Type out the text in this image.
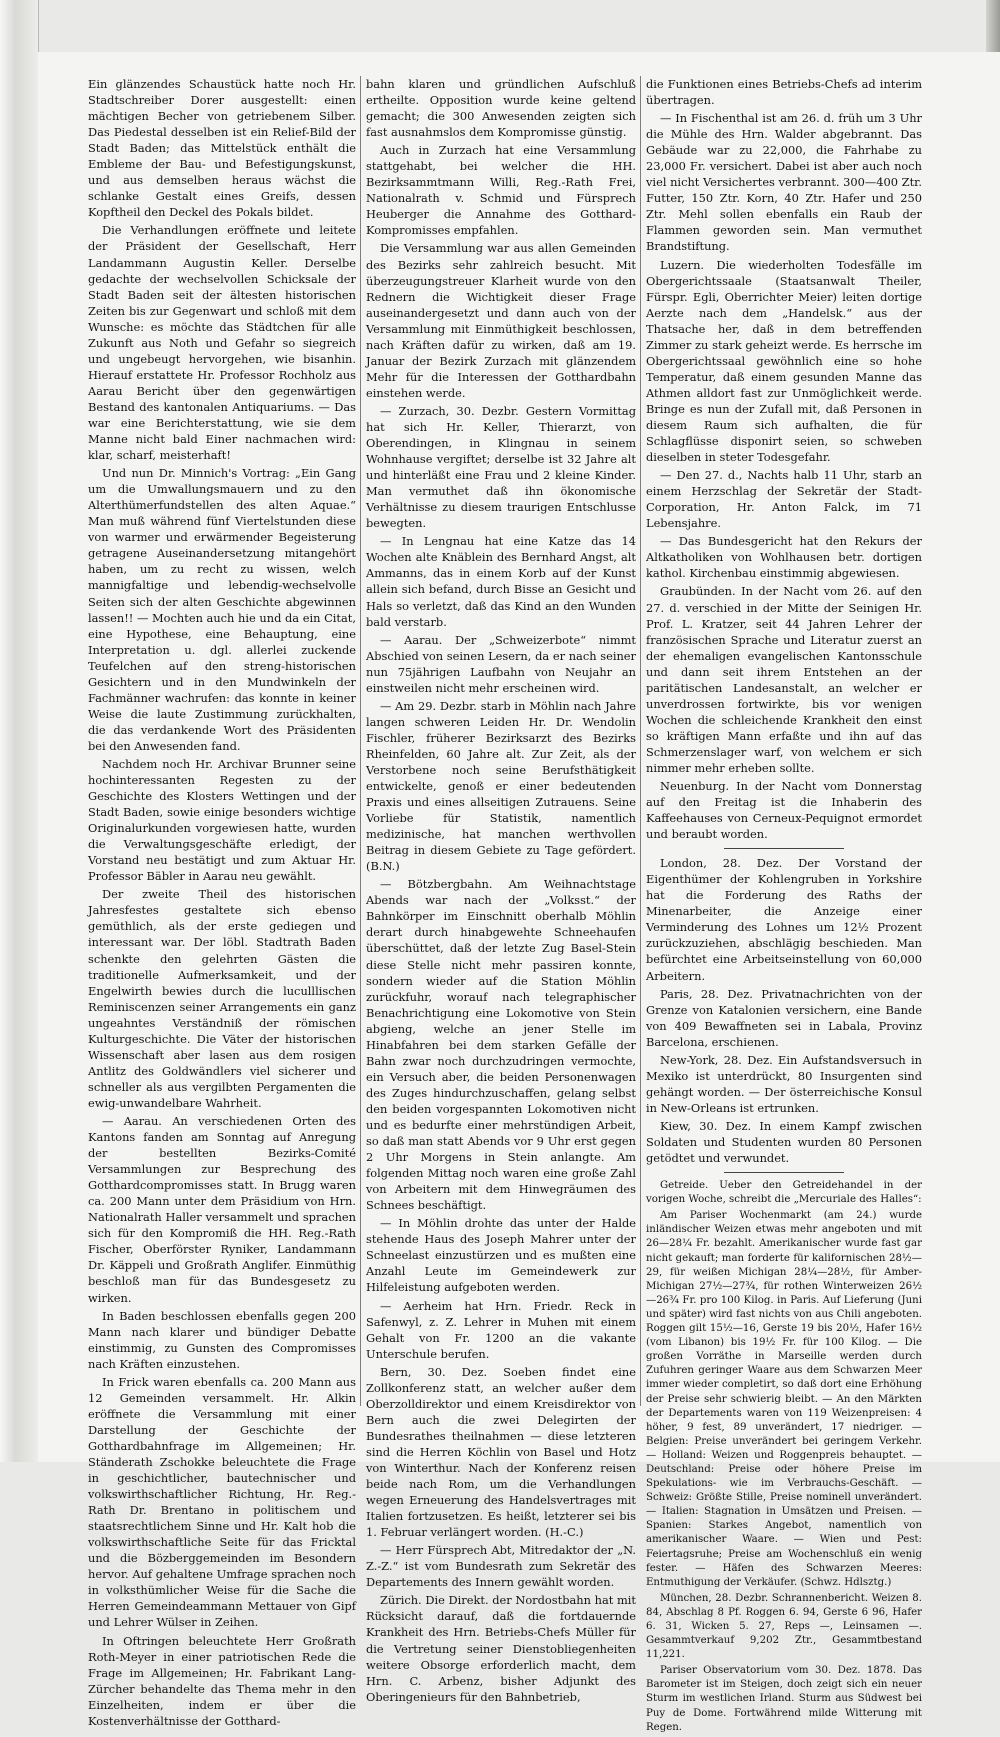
Ein glänzendes Schaustück hatte noch Hr. Stadtschreiber Dorer ausgestellt: einen mächtigen Becher von getriebenem Silber. Das Piedestal desselben ist ein Relief-Bild der Stadt Baden; das Mittelstück enthält die Embleme der Bau- und Befestigungskunst, und aus demselben heraus wächst die schlanke Gestalt eines Greifs, dessen Kopftheil den Deckel des Pokals bildet.

Die Verhandlungen eröffnete und leitete der Präsident der Gesellschaft, Herr Landammann Augustin Keller. Derselbe gedachte der wechselvollen Schicksale der Stadt Baden seit der ältesten historischen Zeiten bis zur Gegenwart und schloß mit dem Wunsche: es möchte das Städtchen für alle Zukunft aus Noth und Gefahr so siegreich und ungebeugt hervorgehen, wie bisanhin. Hierauf erstattete Hr. Professor Rochholz aus Aarau Bericht über den gegenwärtigen Bestand des kantonalen Antiquariums. — Das war eine Berichterstattung, wie sie dem Manne nicht bald Einer nachmachen wird: klar, scharf, meisterhaft!

Und nun Dr. Minnich's Vortrag: „Ein Gang um die Umwallungsmauern und zu den Alterthümerfundstellen des alten Aquae.“ Man muß während fünf Viertelstunden diese von warmer und erwärmender Begeisterung getragene Auseinandersetzung mitangehört haben, um zu recht zu wissen, welch mannigfaltige und lebendig-wechselvolle Seiten sich der alten Geschichte abgewinnen lassen!! — Mochten auch hie und da ein Citat, eine Hypothese, eine Behauptung, eine Interpretation u. dgl. allerlei zuckende Teufelchen auf den streng-historischen Gesichtern und in den Mundwinkeln der Fachmänner wachrufen: das konnte in keiner Weise die laute Zustimmung zurückhalten, die das verdankende Wort des Präsidenten bei den Anwesenden fand.

Nachdem noch Hr. Archivar Brunner seine hochinteressanten Regesten zu der Geschichte des Klosters Wettingen und der Stadt Baden, sowie einige besonders wichtige Originalurkunden vorgewiesen hatte, wurden die Verwaltungsgeschäfte erledigt, der Vorstand neu bestätigt und zum Aktuar Hr. Professor Bäbler in Aarau neu gewählt.

Der zweite Theil des historischen Jahresfestes gestaltete sich ebenso gemüthlich, als der erste gediegen und interessant war. Der löbl. Stadtrath Baden schenkte den gelehrten Gästen die traditionelle Aufmerksamkeit, und der Engelwirth bewies durch die luculllischen Reminiscenzen seiner Arrangements ein ganz ungeahntes Verständniß der römischen Kulturgeschichte. Die Väter der historischen Wissenschaft aber lasen aus dem rosigen Antlitz des Goldwändlers viel sicherer und schneller als aus vergilbten Pergamenten die ewig-unwandelbare Wahrheit.

— Aarau. An verschiedenen Orten des Kantons fanden am Sonntag auf Anregung der bestellten Bezirks-Comité Versammlungen zur Besprechung des Gotthardcompromisses statt. In Brugg waren ca. 200 Mann unter dem Präsidium von Hrn. Nationalrath Haller versammelt und sprachen sich für den Kompromiß die HH. Reg.-Rath Fischer, Oberförster Ryniker, Landammann Dr. Käppeli und Großrath Anglifer. Einmüthig beschloß man für das Bundesgesetz zu wirken.

In Baden beschlossen ebenfalls gegen 200 Mann nach klarer und bündiger Debatte einstimmig, zu Gunsten des Compromisses nach Kräften einzustehen.

In Frick waren ebenfalls ca. 200 Mann aus 12 Gemeinden versammelt. Hr. Alkin eröffnete die Versammlung mit einer Darstellung der Geschichte der Gotthardbahnfrage im Allgemeinen; Hr. Ständerath Zschokke beleuchtete die Frage in geschichtlicher, bautechnischer und volkswirthschaftlicher Richtung, Hr. Reg.-Rath Dr. Brentano in politischem und staatsrechtlichem Sinne und Hr. Kalt hob die volkswirthschaftliche Seite für das Fricktal und die Bözberggemeinden im Besondern hervor. Auf gehaltene Umfrage sprachen noch in volksthümlicher Weise für die Sache die Herren Gemeindeammann Mettauer von Gipf und Lehrer Wülser in Zeihen.

In Oftringen beleuchtete Herr Großrath Roth-Meyer in einer patriotischen Rede die Frage im Allgemeinen; Hr. Fabrikant Lang-Zürcher behandelte das Thema mehr in den Einzelheiten, indem er über die Kostenverhältnisse der Gotthard-

bahn klaren und gründlichen Aufschluß ertheilte. Opposition wurde keine geltend gemacht; die 300 Anwesenden zeigten sich fast ausnahmslos dem Kompromisse günstig.

Auch in Zurzach hat eine Versammlung stattgehabt, bei welcher die HH. Bezirksammtmann Willi, Reg.-Rath Frei, Nationalrath v. Schmid und Fürsprech Heuberger die Annahme des Gotthard-Kompromisses empfahlen.

Die Versammlung war aus allen Gemeinden des Bezirks sehr zahlreich besucht. Mit überzeugungstreuer Klarheit wurde von den Rednern die Wichtigkeit dieser Frage auseinandergesetzt und dann auch von der Versammlung mit Einmüthigkeit beschlossen, nach Kräften dafür zu wirken, daß am 19. Januar der Bezirk Zurzach mit glänzendem Mehr für die Interessen der Gotthardbahn einstehen werde.

— Zurzach, 30. Dezbr. Gestern Vormittag hat sich Hr. Keller, Thierarzt, von Oberendingen, in Klingnau in seinem Wohnhause vergiftet; derselbe ist 32 Jahre alt und hinterläßt eine Frau und 2 kleine Kinder. Man vermuthet daß ihn ökonomische Verhältnisse zu diesem traurigen Entschlusse bewegten.

— In Lengnau hat eine Katze das 14 Wochen alte Knäblein des Bernhard Angst, alt Ammanns, das in einem Korb auf der Kunst allein sich befand, durch Bisse an Gesicht und Hals so verletzt, daß das Kind an den Wunden bald verstarb.

— Aarau. Der „Schweizerbote“ nimmt Abschied von seinen Lesern, da er nach seiner nun 75jährigen Laufbahn von Neujahr an einstweilen nicht mehr erscheinen wird.

— Am 29. Dezbr. starb in Möhlin nach Jahre langen schweren Leiden Hr. Dr. Wendolin Fischler, früherer Bezirksarzt des Bezirks Rheinfelden, 60 Jahre alt. Zur Zeit, als der Verstorbene noch seine Berufsthätigkeit entwickelte, genoß er einer bedeutenden Praxis und eines allseitigen Zutrauens. Seine Vorliebe für Statistik, namentlich medizinische, hat manchen werthvollen Beitrag in diesem Gebiete zu Tage gefördert. (B.N.)

— Bötzbergbahn. Am Weihnachtstage Abends war nach der „Volksst.“ der Bahnkörper im Einschnitt oberhalb Möhlin derart durch hinabgewehte Schneehaufen überschüttet, daß der letzte Zug Basel-Stein diese Stelle nicht mehr passiren konnte, sondern wieder auf die Station Möhlin zurückfuhr, worauf nach telegraphischer Benachrichtigung eine Lokomotive von Stein abgieng, welche an jener Stelle im Hinabfahren bei dem starken Gefälle der Bahn zwar noch durchzudringen vermochte, ein Versuch aber, die beiden Personenwagen des Zuges hindurchzuschaffen, gelang selbst den beiden vorgespannten Lokomotiven nicht und es bedurfte einer mehrstündigen Arbeit, so daß man statt Abends vor 9 Uhr erst gegen 2 Uhr Morgens in Stein anlangte. Am folgenden Mittag noch waren eine große Zahl von Arbeitern mit dem Hinwegräumen des Schnees beschäftigt.

— In Möhlin drohte das unter der Halde stehende Haus des Joseph Mahrer unter der Schneelast einzustürzen und es mußten eine Anzahl Leute im Gemeindewerk zur Hilfeleistung aufgeboten werden.

— Aerheim hat Hrn. Friedr. Reck in Safenwyl, z. Z. Lehrer in Muhen mit einem Gehalt von Fr. 1200 an die vakante Unterschule berufen.

Bern, 30. Dez. Soeben findet eine Zollkonferenz statt, an welcher außer dem Oberzolldirektor und einem Kreisdirektor von Bern auch die zwei Delegirten der Bundesrathes theilnahmen — diese letzteren sind die Herren Köchlin von Basel und Hotz von Winterthur. Nach der Konferenz reisen beide nach Rom, um die Verhandlungen wegen Erneuerung des Handelsvertrages mit Italien fortzusetzen. Es heißt, letzterer sei bis 1. Februar verlängert worden. (H.-C.)

— Herr Fürsprech Abt, Mitredaktor der „N. Z.-Z.“ ist vom Bundesrath zum Sekretär des Departements des Innern gewählt worden.

Zürich. Die Direkt. der Nordostbahn hat mit Rücksicht darauf, daß die fortdauernde Krankheit des Hrn. Betriebs-Chefs Müller für die Vertretung seiner Dienstobliegenheiten weitere Obsorge erforderlich macht, dem Hrn. C. Arbenz, bisher Adjunkt des Oberingenieurs für den Bahnbetrieb,

die Funktionen eines Betriebs-Chefs ad interim übertragen.

— In Fischenthal ist am 26. d. früh um 3 Uhr die Mühle des Hrn. Walder abgebrannt. Das Gebäude war zu 22,000, die Fahrhabe zu 23,000 Fr. versichert. Dabei ist aber auch noch viel nicht Versichertes verbrannt. 300—400 Ztr. Futter, 150 Ztr. Korn, 40 Ztr. Hafer und 250 Ztr. Mehl sollen ebenfalls ein Raub der Flammen geworden sein. Man vermuthet Brandstiftung.

Luzern. Die wiederholten Todesfälle im Obergerichtssaale (Staatsanwalt Theiler, Fürspr. Egli, Oberrichter Meier) leiten dortige Aerzte nach dem „Handelsk.“ aus der Thatsache her, daß in dem betreffenden Zimmer zu stark geheizt werde. Es herrsche im Obergerichtssaal gewöhnlich eine so hohe Temperatur, daß einem gesunden Manne das Athmen alldort fast zur Unmöglichkeit werde. Bringe es nun der Zufall mit, daß Personen in diesem Raum sich aufhalten, die für Schlagflüsse disponirt seien, so schweben dieselben in steter Todesgefahr.

— Den 27. d., Nachts halb 11 Uhr, starb an einem Herzschlag der Sekretär der Stadt-Corporation, Hr. Anton Falck, im 71 Lebensjahre.

— Das Bundesgericht hat den Rekurs der Altkatholiken von Wohlhausen betr. dortigen kathol. Kirchenbau einstimmig abgewiesen.

Graubünden. In der Nacht vom 26. auf den 27. d. verschied in der Mitte der Seinigen Hr. Prof. L. Kratzer, seit 44 Jahren Lehrer der französischen Sprache und Literatur zuerst an der ehemaligen evangelischen Kantonsschule und dann seit ihrem Entstehen an der paritätischen Landesanstalt, an welcher er unverdrossen fortwirkte, bis vor wenigen Wochen die schleichende Krankheit den einst so kräftigen Mann erfaßte und ihn auf das Schmerzenslager warf, von welchem er sich nimmer mehr erheben sollte.

Neuenburg. In der Nacht vom Donnerstag auf den Freitag ist die Inhaberin des Kaffeehauses von Cerneux-Pequignot ermordet und beraubt worden.

London, 28. Dez. Der Vorstand der Eigenthümer der Kohlengruben in Yorkshire hat die Forderung des Raths der Minenarbeiter, die Anzeige einer Verminderung des Lohnes um 12½ Prozent zurückzuziehen, abschlägig beschieden. Man befürchtet eine Arbeitseinstellung von 60,000 Arbeitern.

Paris, 28. Dez. Privatnachrichten von der Grenze von Katalonien versichern, eine Bande von 409 Bewaffneten sei in Labala, Provinz Barcelona, erschienen.

New-York, 28. Dez. Ein Aufstandsversuch in Mexiko ist unterdrückt, 80 Insurgenten sind gehängt worden. — Der österreichische Konsul in New-Orleans ist ertrunken.

Kiew, 30. Dez. In einem Kampf zwischen Soldaten und Studenten wurden 80 Personen getödtet und verwundet.

Getreide. Ueber den Getreidehandel in der vorigen Woche, schreibt die „Mercuriale des Halles“:

Am Pariser Wochenmarkt (am 24.) wurde inländischer Weizen etwas mehr angeboten und mit 26—28¼ Fr. bezahlt. Amerikanischer wurde fast gar nicht gekauft; man forderte für kalifornischen 28½—29, für weißen Michigan 28¼—28½, für Amber-Michigan 27½—27¾, für rothen Winterweizen 26½—26¾ Fr. pro 100 Kilog. in Paris. Auf Lieferung (Juni und später) wird fast nichts von aus Chili angeboten. Roggen gilt 15½—16, Gerste 19 bis 20½, Hafer 16½ (vom Libanon) bis 19½ Fr. für 100 Kilog. — Die großen Vorräthe in Marseille werden durch Zufuhren geringer Waare aus dem Schwarzen Meer immer wieder completirt, so daß dort eine Erhöhung der Preise sehr schwierig bleibt. — An den Märkten der Departements waren von 119 Weizenpreisen: 4 höher, 9 fest, 89 unverändert, 17 niedriger. — Belgien: Preise unverändert bei geringem Verkehr. — Holland: Weizen und Roggenpreis behauptet. — Deutschland: Preise oder höhere Preise im Spekulations- wie im Verbrauchs-Geschäft. — Schweiz: Größte Stille, Preise nominell unverändert. — Italien: Stagnation in Umsätzen und Preisen. — Spanien: Starkes Angebot, namentlich von amerikanischer Waare. — Wien und Pest: Feiertagsruhe; Preise am Wochenschluß ein wenig fester. — Häfen des Schwarzen Meeres: Entmuthigung der Verkäufer. (Schwz. Hdlsztg.)

München, 28. Dezbr. Schrannenbericht. Weizen 8. 84, Abschlag 8 Pf. Roggen 6. 94, Gerste 6 96, Hafer 6. 31, Wicken 5. 27, Reps —, Leinsamen —. Gesammtverkauf 9,202 Ztr., Gesammtbestand 11,221.

Pariser Observatorium vom 30. Dez. 1878. Das Barometer ist im Steigen, doch zeigt sich ein neuer Sturm im westlichen Irland. Sturm aus Südwest bei Puy de Dome. Fortwährend milde Witterung mit Regen.
